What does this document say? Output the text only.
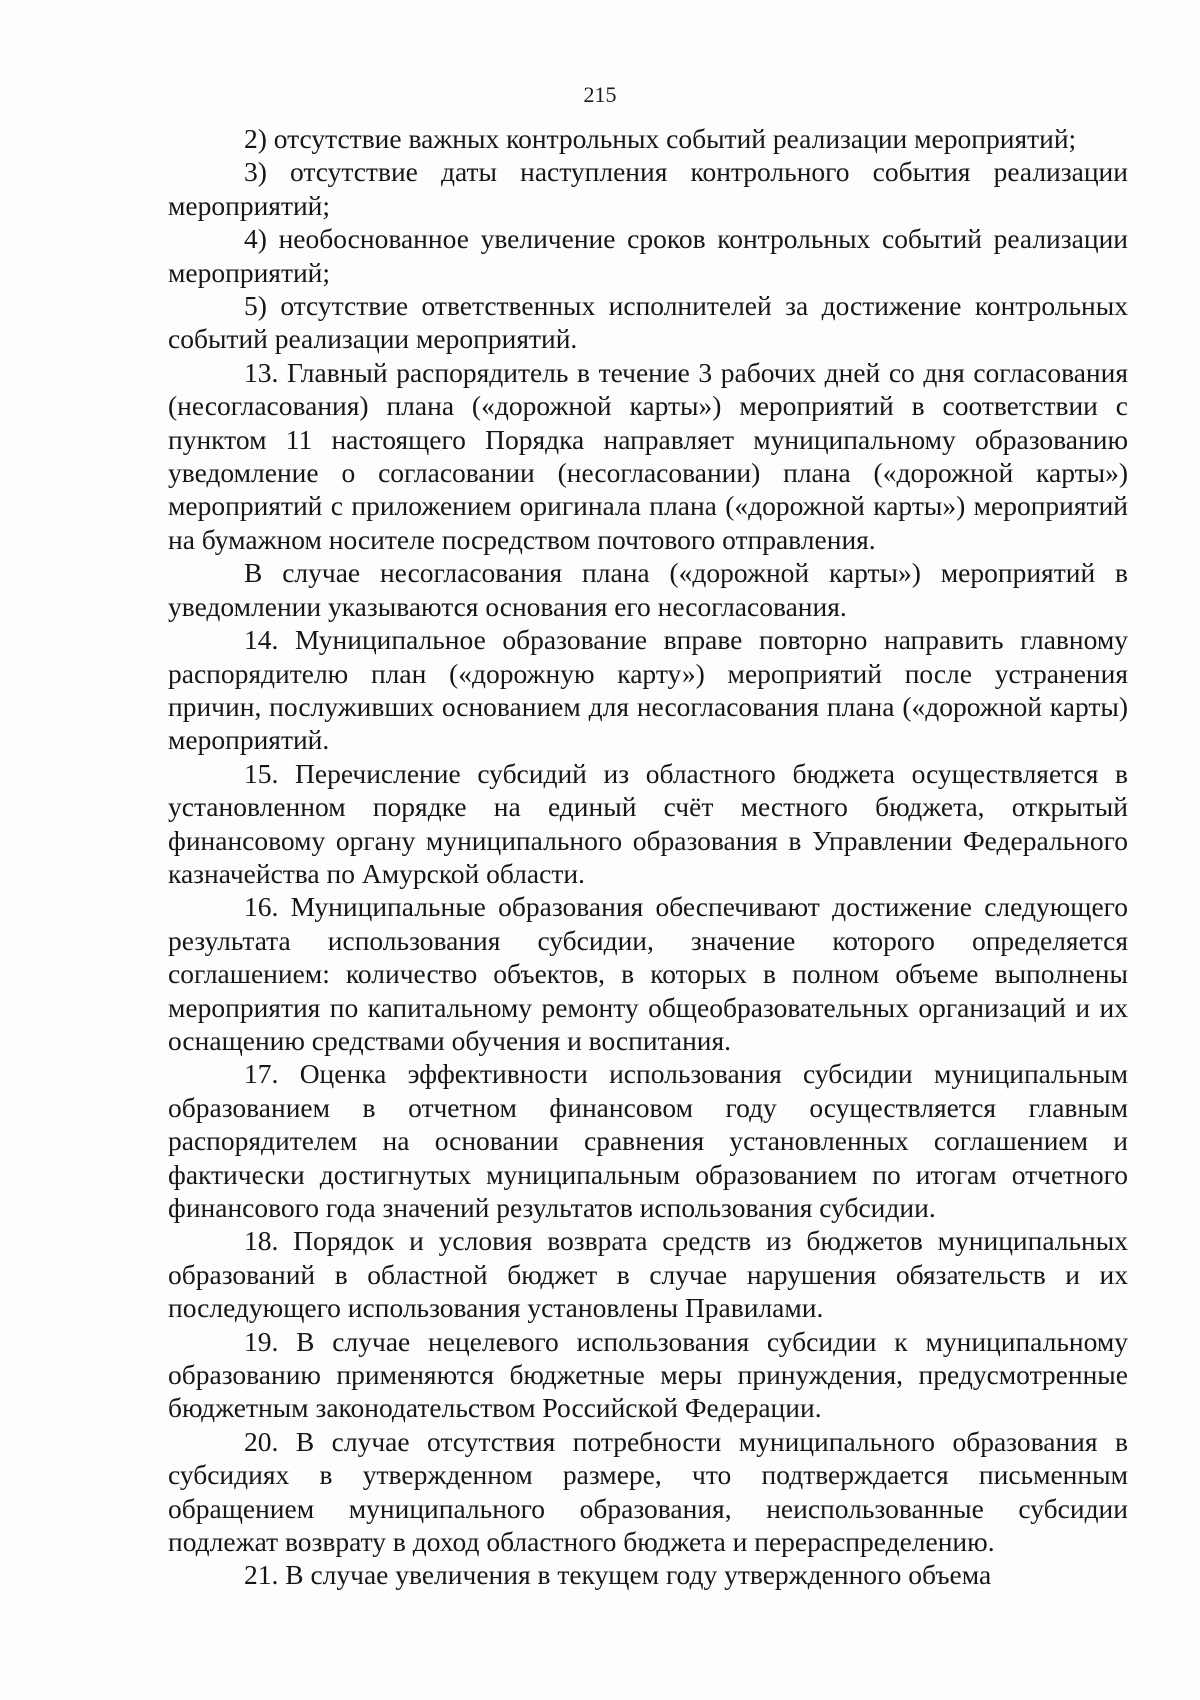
215

2) отсутствие важных контрольных событий реализации мероприятий;

3) отсутствие даты наступления контрольного события реализации мероприятий;

4) необоснованное увеличение сроков контрольных событий реализации мероприятий;

5) отсутствие ответственных исполнителей за достижение контрольных событий реализации мероприятий.

13. Главный распорядитель в течение 3 рабочих дней со дня согласования (несогласования) плана («дорожной карты») мероприятий в соответствии с пунктом 11 настоящего Порядка направляет муниципальному образованию уведомление о согласовании (несогласовании) плана («дорожной карты») мероприятий с приложением оригинала плана («дорожной карты») мероприятий на бумажном носителе посредством почтового отправления.

В случае несогласования плана («дорожной карты») мероприятий в уведомлении указываются основания его несогласования.

14. Муниципальное образование вправе повторно направить главному распорядителю план («дорожную карту») мероприятий после устранения причин, послуживших основанием для несогласования плана («дорожной карты) мероприятий.

15. Перечисление субсидий из областного бюджета осуществляется в установленном порядке на единый счёт местного бюджета, открытый финансовому органу муниципального образования в Управлении Федерального казначейства по Амурской области.

16. Муниципальные образования обеспечивают достижение следующего результата использования субсидии, значение которого определяется соглашением: количество объектов, в которых в полном объеме выполнены мероприятия по капитальному ремонту общеобразовательных организаций и их оснащению средствами обучения и воспитания.

17. Оценка эффективности использования субсидии муниципальным образованием в отчетном финансовом году осуществляется главным распорядителем на основании сравнения установленных соглашением и фактически достигнутых муниципальным образованием по итогам отчетного финансового года значений результатов использования субсидии.

18. Порядок и условия возврата средств из бюджетов муниципальных образований в областной бюджет в случае нарушения обязательств и их последующего использования установлены Правилами.

19. В случае нецелевого использования субсидии к муниципальному образованию применяются бюджетные меры принуждения, предусмотренные бюджетным законодательством Российской Федерации.

20. В случае отсутствия потребности муниципального образования в субсидиях в утвержденном размере, что подтверждается письменным обращением муниципального образования, неиспользованные субсидии подлежат возврату в доход областного бюджета и перераспределению.

21. В случае увеличения в текущем году утвержденного объема
